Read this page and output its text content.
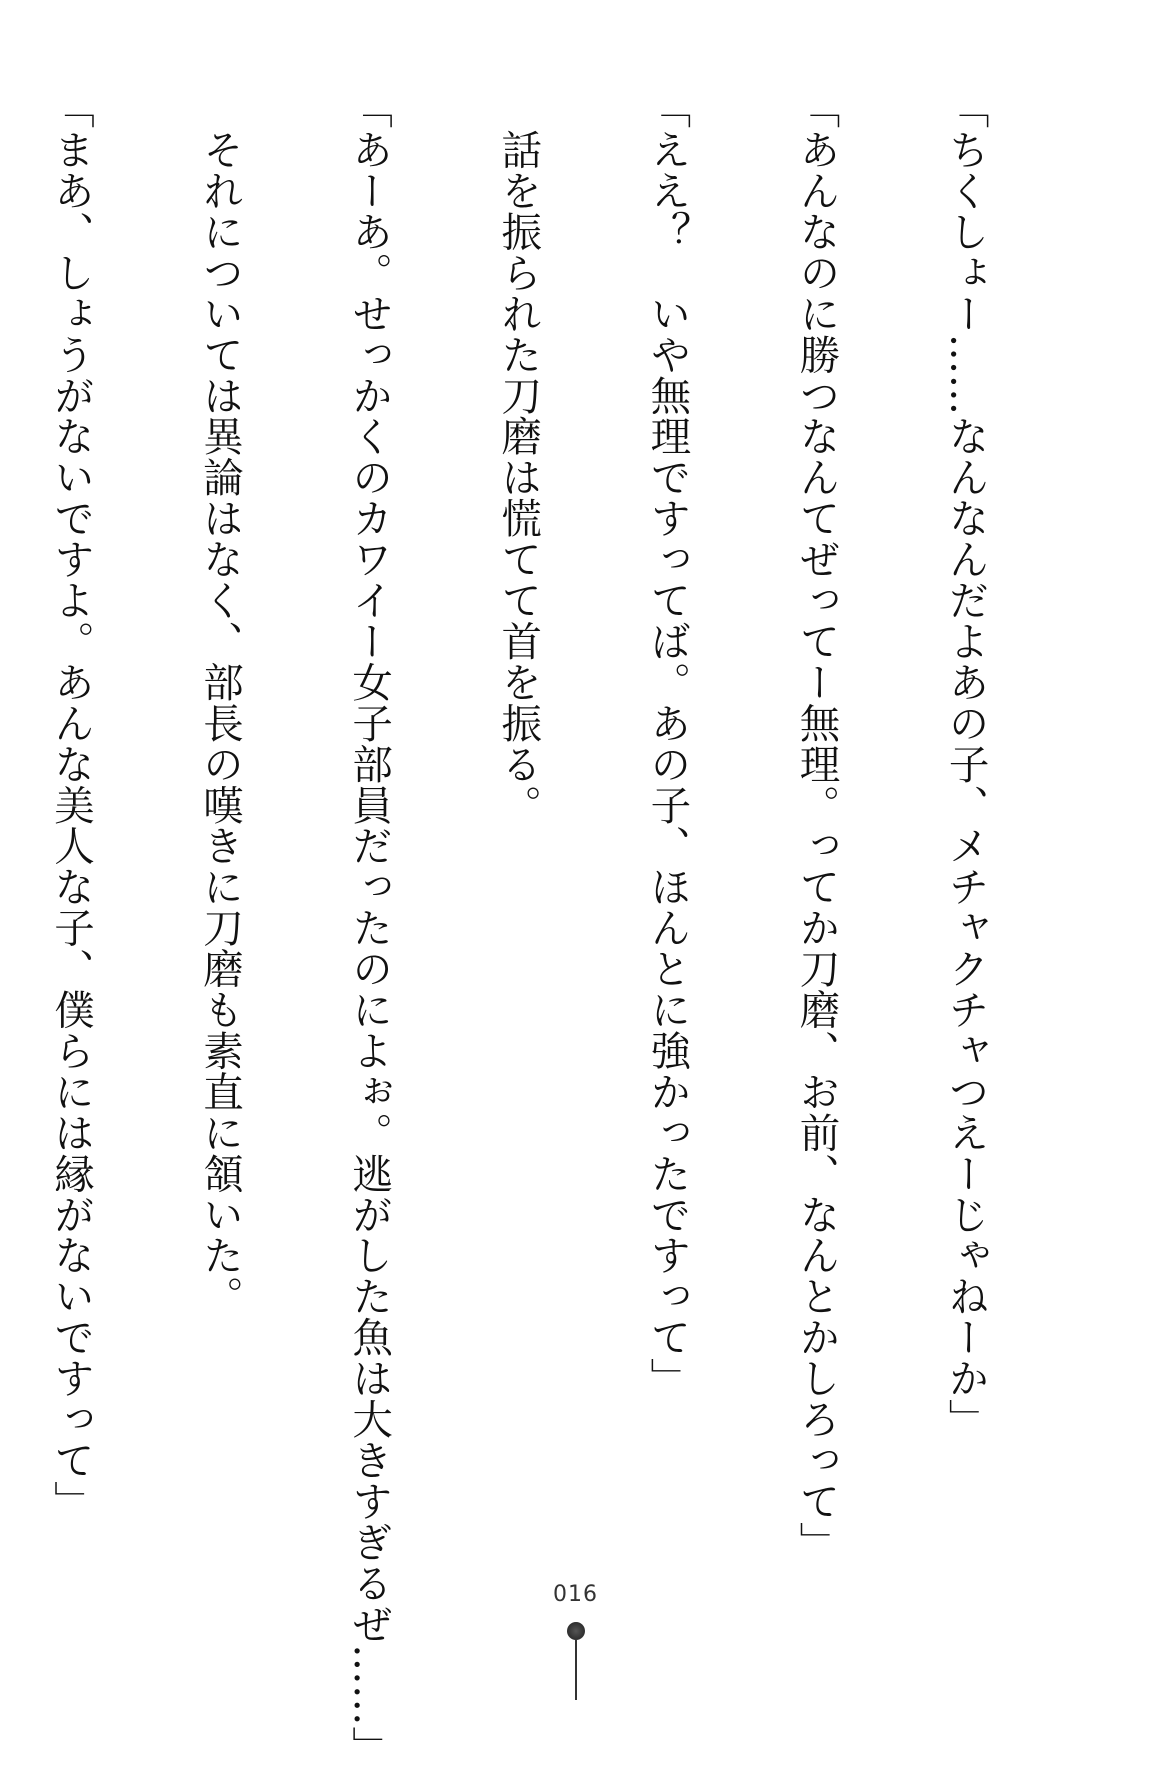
「ちくしょー……なんなんだよあの子、メチャクチャつえーじゃねーか」

「あんなのに勝つなんてぜってー無理。ってか刀磨、お前、なんとかしろって」

「ええ？　いや無理ですってば。あの子、ほんとに強かったですって」

　話を振られた刀磨は慌てて首を振る。

「あーあ。せっかくのカワイー女子部員だったのによぉ。逃がした魚は大きすぎるぜ……」

　それについては異論はなく、部長の嘆きに刀磨も素直に頷いた。

「まあ、しょうがないですよ。あんな美人な子、僕らには縁がないですって」

016
